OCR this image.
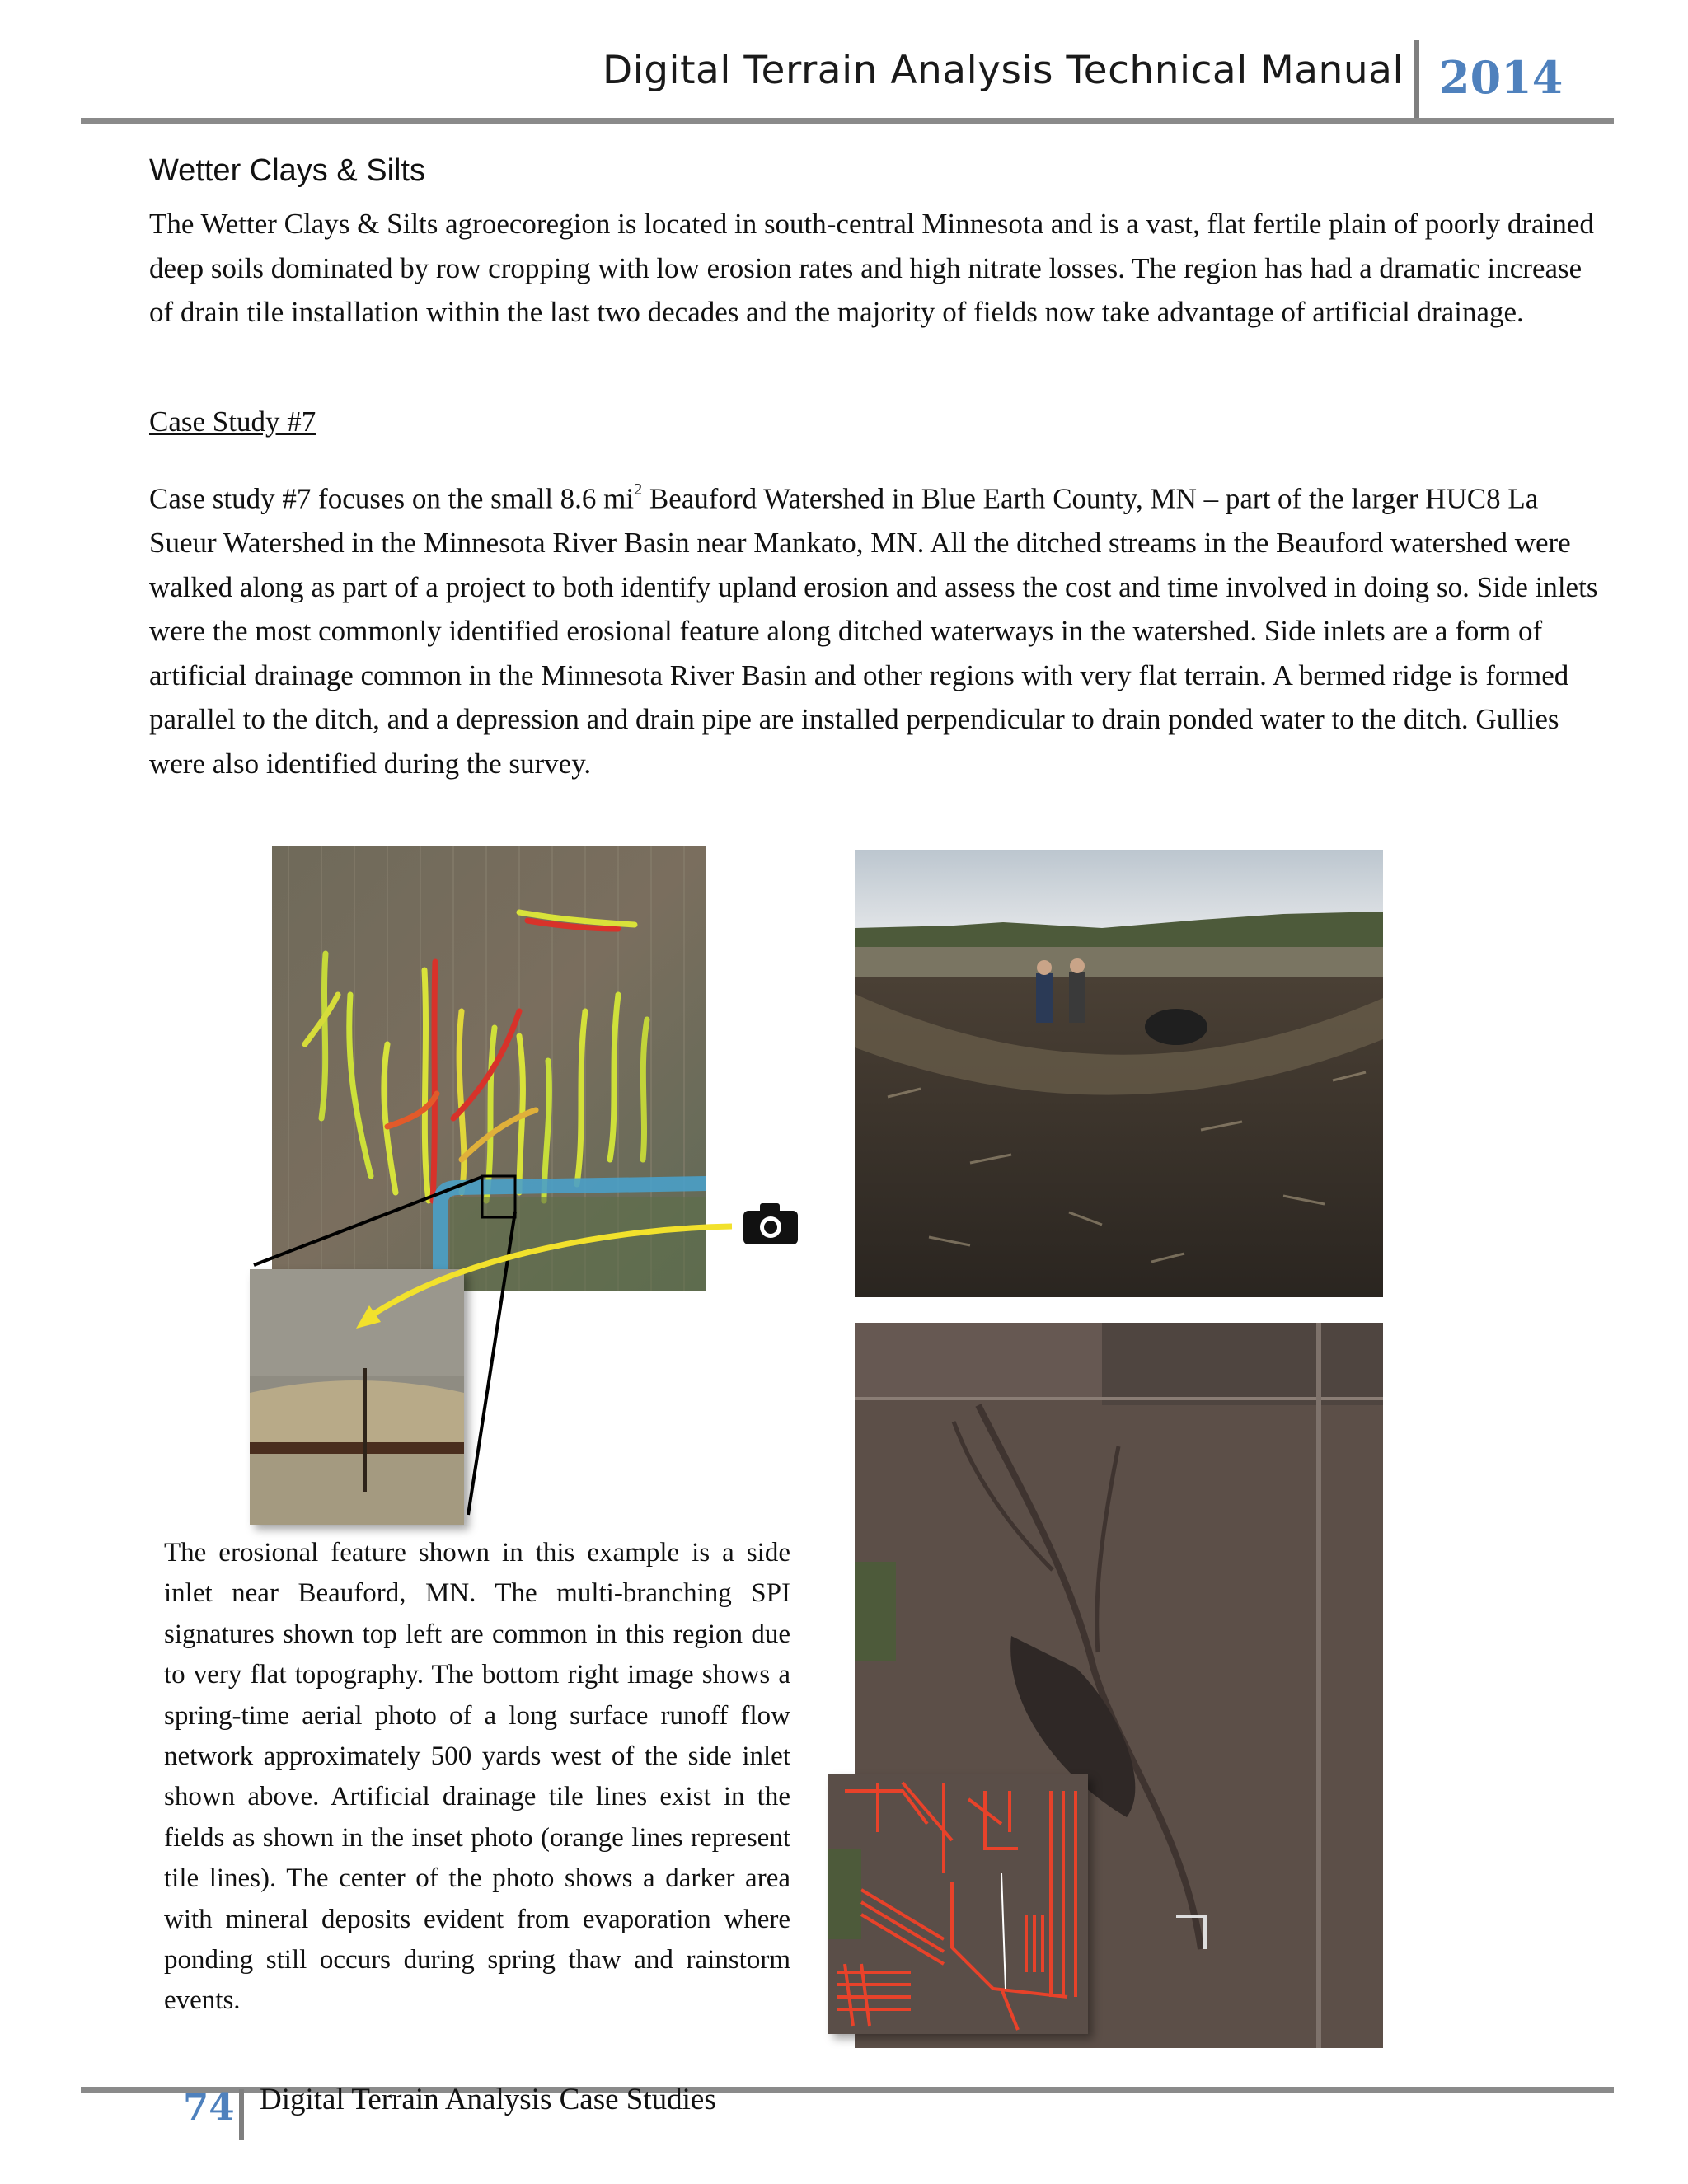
Digital Terrain Analysis Technical Manual 2014
Wetter Clays & Silts

The Wetter Clays & Silts agroecoregion is located in south-central Minnesota and is a vast, flat fertile plain of poorly drained deep soils dominated by row cropping with low erosion rates and high nitrate losses. The region has had a dramatic increase of drain tile installation within the last two decades and the majority of fields now take advantage of artificial drainage.

Case Study #7

Case study #7 focuses on the small 8.6 $mi^2$ Beauford Watershed in Blue Earth County, MN – part of the larger HUC8 La Sueur Watershed in the Minnesota River Basin near Mankato, MN. All the ditched streams in the Beauford watershed were walked along as part of a project to both identify upland erosion and assess the cost and time involved in doing so. Side inlets were the most commonly identified erosional feature along ditched waterways in the watershed. Side inlets are a form of artificial drainage common in the Minnesota River Basin and other regions with very flat terrain. A bermed ridge is formed parallel to the ditch, and a depression and drain pipe are installed perpendicular to drain ponded water to the ditch. Gullies were also identified during the survey.

The erosional feature shown in this example is a side inlet near Beauford, MN. The multi-branching SPI signatures shown top left are common in this region due to very flat topography. The bottom right image shows a spring-time aerial photo of a long surface runoff flow network approximately 500 yards west of the side inlet shown above. Artificial drainage tile lines exist in the fields as shown in the inset photo (orange lines represent tile lines). The center of the photo shows a darker area with mineral deposits evident from evaporation where ponding still occurs during spring thaw and rainstorm events.

74 Digital Terrain Analysis Case Studies
